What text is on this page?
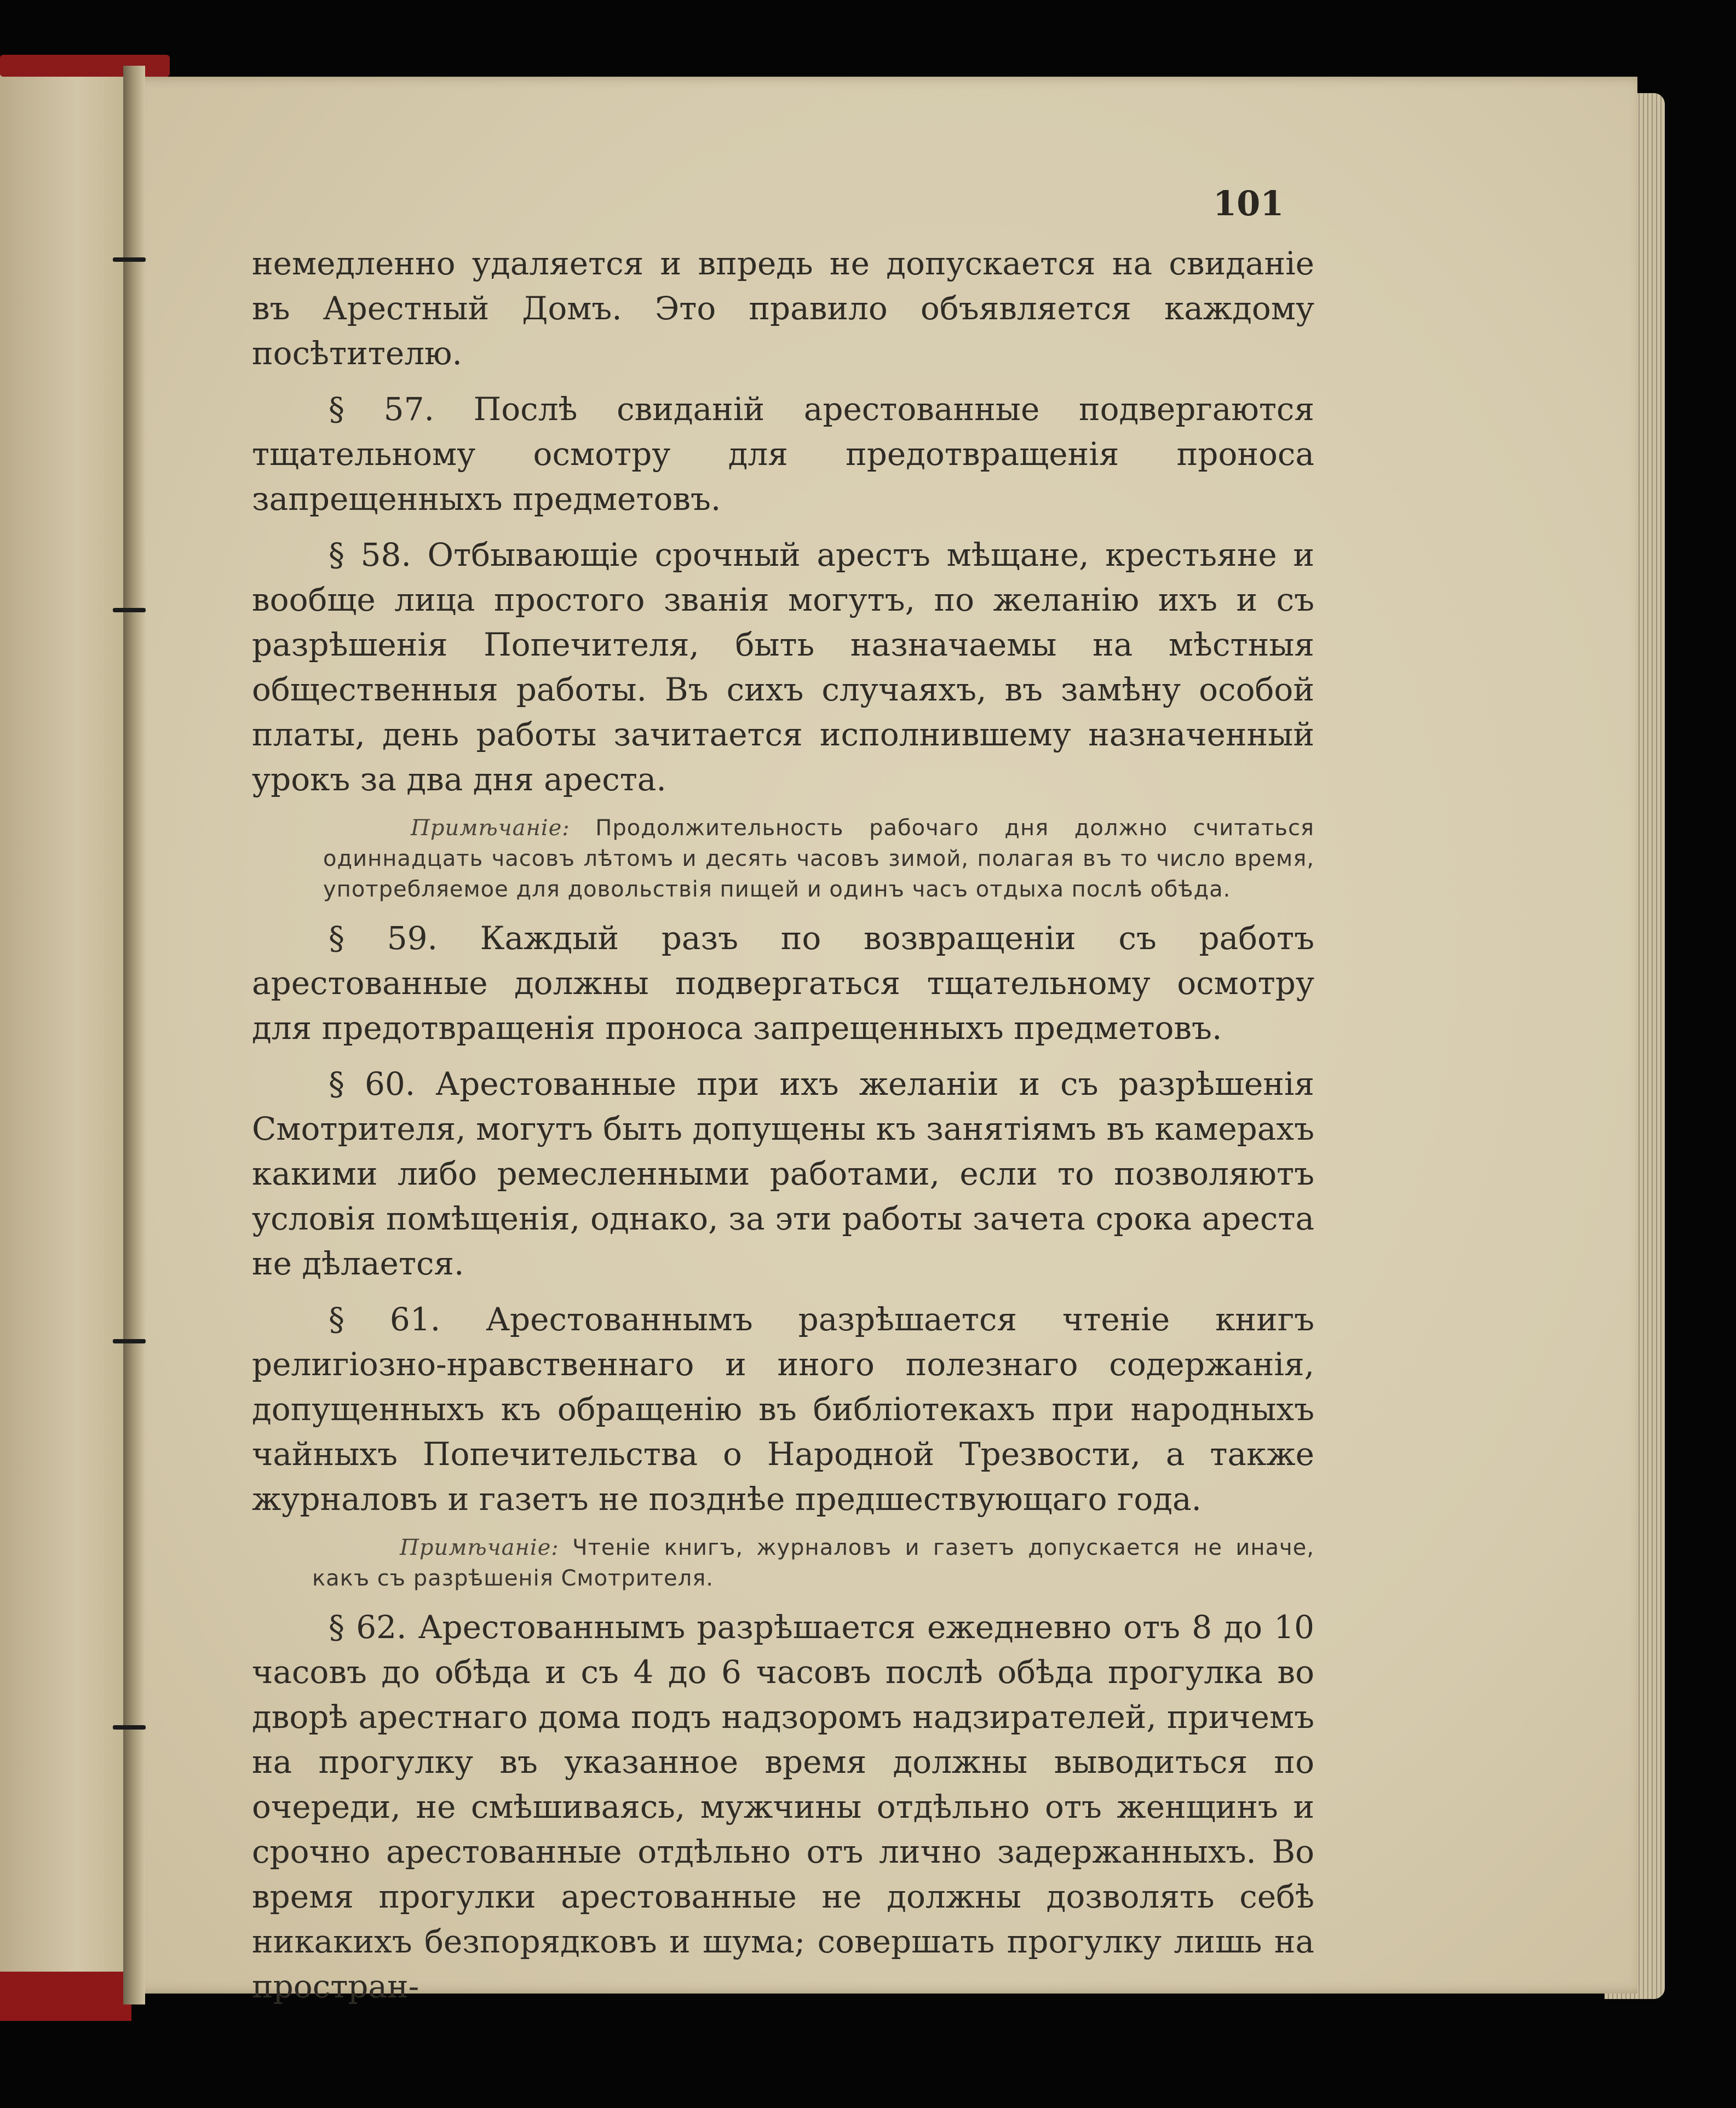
101

немедленно удаляется и впредь не допускается на свиданіе въ Арестный Домъ. Это правило объявляется каждому посѣтителю.

§ 57. Послѣ свиданій арестованные подвергаются тщательному осмотру для предотвращенія проноса запрещенныхъ предметовъ.

§ 58. Отбывающіе срочный арестъ мѣщане, крестьяне и вообще лица простого званія могутъ, по желанію ихъ и съ разрѣшенія Попечителя, быть назначаемы на мѣстныя общественныя работы. Въ сихъ случаяхъ, въ замѣну особой платы, день работы зачитается исполнившему назначенный урокъ за два дня ареста.

Примѣчаніе: Продолжительность рабочаго дня должно считаться одиннадцать часовъ лѣтомъ и десять часовъ зимой, полагая въ то число время, употребляемое для довольствія пищей и одинъ часъ отдыха послѣ обѣда.

§ 59. Каждый разъ по возвращеніи съ работъ арестованные должны подвергаться тщательному осмотру для предотвращенія проноса запрещенныхъ предметовъ.

§ 60. Арестованные при ихъ желаніи и съ разрѣшенія Смотрителя, могутъ быть допущены къ занятіямъ въ камерахъ какими либо ремесленными работами, если то позволяютъ условія помѣщенія, однако, за эти работы зачета срока ареста не дѣлается.

§ 61. Арестованнымъ разрѣшается чтеніе книгъ религіозно-нравственнаго и иного полезнаго содержанія, допущенныхъ къ обращенію въ библіотекахъ при народныхъ чайныхъ Попечительства о Народной Трезвости, а также журналовъ и газетъ не позднѣе предшествующаго года.

Примѣчаніе: Чтеніе книгъ, журналовъ и газетъ допускается не иначе, какъ съ разрѣшенія Смотрителя.

§ 62. Арестованнымъ разрѣшается ежедневно отъ 8 до 10 часовъ до обѣда и съ 4 до 6 часовъ послѣ обѣда прогулка во дворѣ арестнаго дома подъ надзоромъ надзирателей, причемъ на прогулку въ указанное время должны выводиться по очереди, не смѣшиваясь, мужчины отдѣльно отъ женщинъ и срочно арестованные отдѣльно отъ лично задержанныхъ. Во время прогулки арестованные не должны дозволять себѣ никакихъ безпорядковъ и шума; совершать прогулку лишь на простран-
